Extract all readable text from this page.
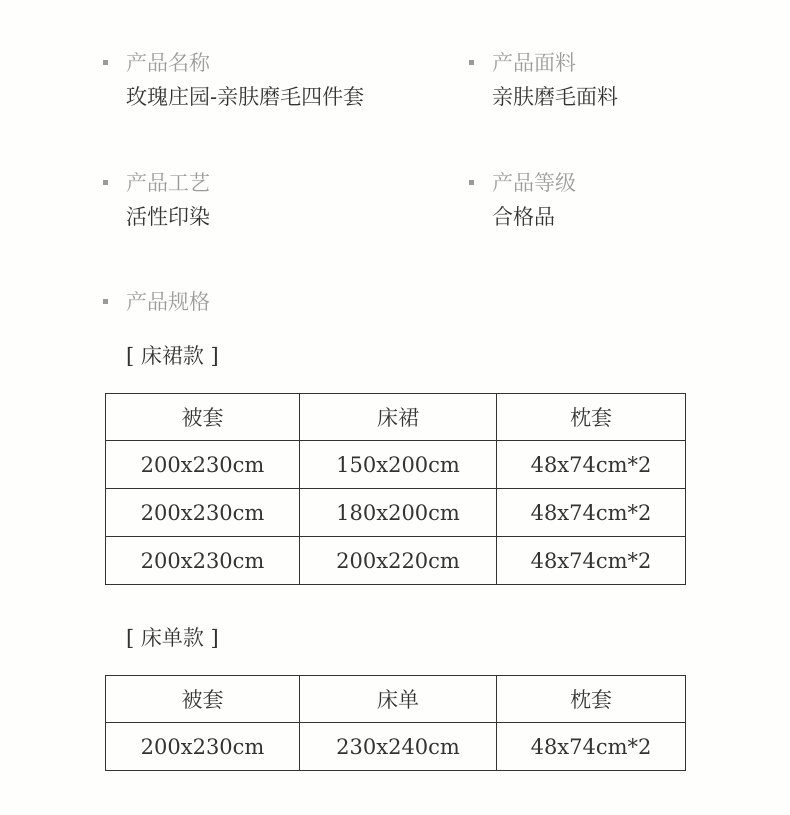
产品名称
玫瑰庄园-亲肤磨毛四件套
产品面料
亲肤磨毛面料
产品工艺
活性印染
产品等级
合格品
产品规格
[ 床裙款 ]
被套	床裙	枕套
200x230cm	150x200cm	48x74cm*2
200x230cm	180x200cm	48x74cm*2
200x230cm	200x220cm	48x74cm*2
[ 床单款 ]
被套	床单	枕套
200x230cm	230x240cm	48x74cm*2
